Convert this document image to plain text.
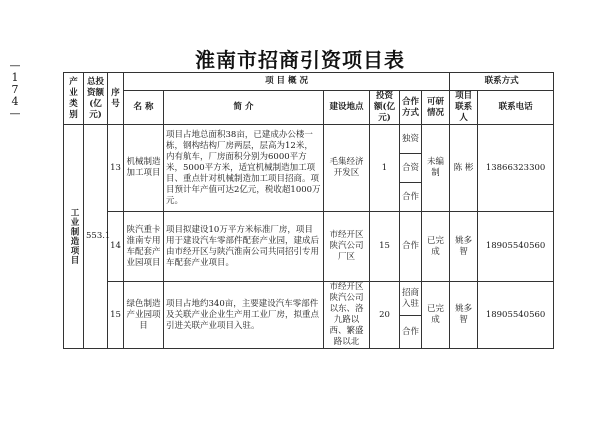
—
1
7
4
—
淮南市招商引资项目表
产业类别	总投资额(亿元)	序号	项 目 概 况						联系方式	
			名 称	简 介	建设地点	投资额(亿元)	合作方式	可研情况	项目联系人	联系电话

工业制造项目	553.1	13	机械制造加工项目	项目占地总面积38亩，已建成办公楼一栋，钢构结构厂房两层，层高为12米，内有航车，厂房面积分别为6000平方米，5000平方米，适宜机械制造加工项目、重点针对机械制造加工项目招商。项目预计年产值可达2亿元，税收超1000万元。	毛集经济开发区	1	独资	未编制	陈 彬	13866323300
							合资			
							合作			
		14	陕汽重卡淮南专用车配套产业园项目	项目拟建设10万平方米标准厂房，项目用于建设汽车零部件配套产业园，建成后由市经开区与陕汽淮南公司共同招引专用车配套产业项目。	市经开区陕汽公司厂区	15	合作	已完成	姚多智	18905540560
		15	绿色制造产业园项目	项目占地约340亩，主要建设汽车零部件及关联产业企业生产用工业厂房，拟重点引进关联产业项目入驻。	市经开区陕汽公司以东、洛九路以西、繁盛路以北	20	招商入驻	已完成	姚多智	18905540560
							合作			
